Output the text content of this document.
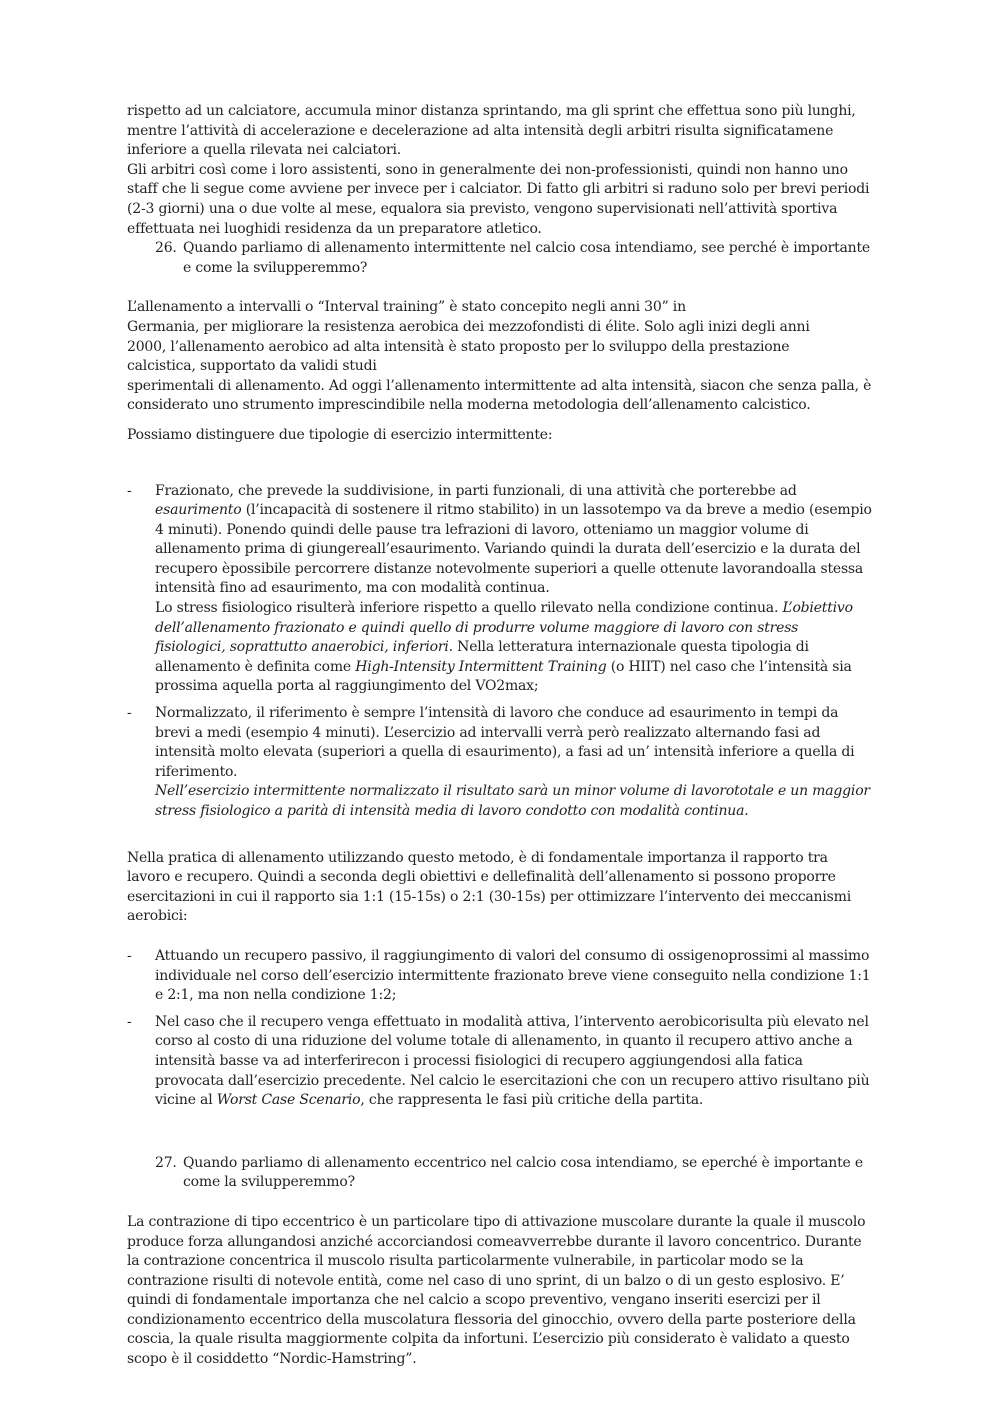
rispetto ad un calciatore, accumula minor distanza sprintando, ma gli sprint che effettua sono più lunghi, mentre l’attività di accelerazione e decelerazione ad alta intensità degli arbitri risulta significatamene inferiore a quella rilevata nei calciatori.

Gli arbitri così come i loro assistenti, sono in generalmente dei non-professionisti, quindi non hanno uno staff che li segue come avviene per invece per i calciator. Di fatto gli arbitri si raduno solo per brevi periodi (2-3 giorni) una o due volte al mese, equalora sia previsto, vengono supervisionati nell’attività sportiva effettuata nei luoghidi residenza da un preparatore atletico.

26. Quando parliamo di allenamento intermittente nel calcio cosa intendiamo, see perché è importante e come la svilupperemmo?

L’allenamento a intervalli o “Interval training” è stato concepito negli anni 30” in

Germania, per migliorare la resistenza aerobica dei mezzofondisti di élite. Solo agli inizi degli anni

2000, l’allenamento aerobico ad alta intensità è stato proposto per lo sviluppo della prestazione

calcistica, supportato da validi studi

sperimentali di allenamento. Ad oggi l’allenamento intermittente ad alta intensità, siacon che senza palla, è considerato uno strumento imprescindibile nella moderna metodologia dell’allenamento calcistico.

Possiamo distinguere due tipologie di esercizio intermittente:

-	Frazionato, che prevede la suddivisione, in parti funzionali, di una attività che porterebbe ad esaurimento (l’incapacità di sostenere il ritmo stabilito) in un lassotempo va da breve a medio (esempio 4 minuti). Ponendo quindi delle pause tra lefrazioni di lavoro, otteniamo un maggior volume di allenamento prima di giungereall’esaurimento. Variando quindi la durata dell’esercizio e la durata del recupero èpossibile percorrere distanze notevolmente superiori a quelle ottenute lavorandoalla stessa intensità fino ad esaurimento, ma con modalità continua.

Lo stress fisiologico risulterà inferiore rispetto a quello rilevato nella condizione continua. L’obiettivo dell’allenamento frazionato e quindi quello di produrre volume maggiore di lavoro con stress fisiologici, soprattutto anaerobici, inferiori. Nella letteratura internazionale questa tipologia di allenamento è definita come High-Intensity Intermittent Training (o HIIT) nel caso che l’intensità sia prossima aquella porta al raggiungimento del VO2max;

-	Normalizzato, il riferimento è sempre l’intensità di lavoro che conduce ad esaurimento in tempi da brevi a medi (esempio 4 minuti). L’esercizio ad intervalli verrà però realizzato alternando fasi ad intensità molto elevata (superiori a quella di esaurimento), a fasi ad un’ intensità inferiore a quella di riferimento.

Nell’esercizio intermittente normalizzato il risultato sarà un minor volume di lavorototale e un maggior stress fisiologico a parità di intensità media di lavoro condotto con modalità continua.

Nella pratica di allenamento utilizzando questo metodo, è di fondamentale importanza il rapporto tra lavoro e recupero. Quindi a seconda degli obiettivi e dellefinalità dell’allenamento si possono proporre esercitazioni in cui il rapporto sia 1:1 (15-15s) o 2:1 (30-15s) per ottimizzare l’intervento dei meccanismi aerobici:

-	Attuando un recupero passivo, il raggiungimento di valori del consumo di ossigenoprossimi al massimo individuale nel corso dell’esercizio intermittente frazionato breve viene conseguito nella condizione 1:1 e 2:1, ma non nella condizione 1:2;

-	Nel caso che il recupero venga effettuato in modalità attiva, l’intervento aerobicorisulta più elevato nel corso al costo di una riduzione del volume totale di allenamento, in quanto il recupero attivo anche a intensità basse va ad interferirecon i processi fisiologici di recupero aggiungendosi alla fatica provocata dall’esercizio precedente. Nel calcio le esercitazioni che con un recupero attivo risultano più vicine al Worst Case Scenario, che rappresenta le fasi più critiche della partita.

27. Quando parliamo di allenamento eccentrico nel calcio cosa intendiamo, se eperché è importante e come la svilupperemmo?

La contrazione di tipo eccentrico è un particolare tipo di attivazione muscolare durante la quale il muscolo produce forza allungandosi anziché accorciandosi comeavverrebbe durante il lavoro concentrico. Durante la contrazione concentrica il muscolo risulta particolarmente vulnerabile, in particolar modo se la contrazione risulti di notevole entità, come nel caso di uno sprint, di un balzo o di un gesto esplosivo. E’ quindi di fondamentale importanza che nel calcio a scopo preventivo, vengano inseriti esercizi per il condizionamento eccentrico della muscolatura flessoria del ginocchio, ovvero della parte posteriore della coscia, la quale risulta maggiormente colpita da infortuni. L’esercizio più considerato è validato a questo scopo è il cosiddetto “Nordic-Hamstring”.
